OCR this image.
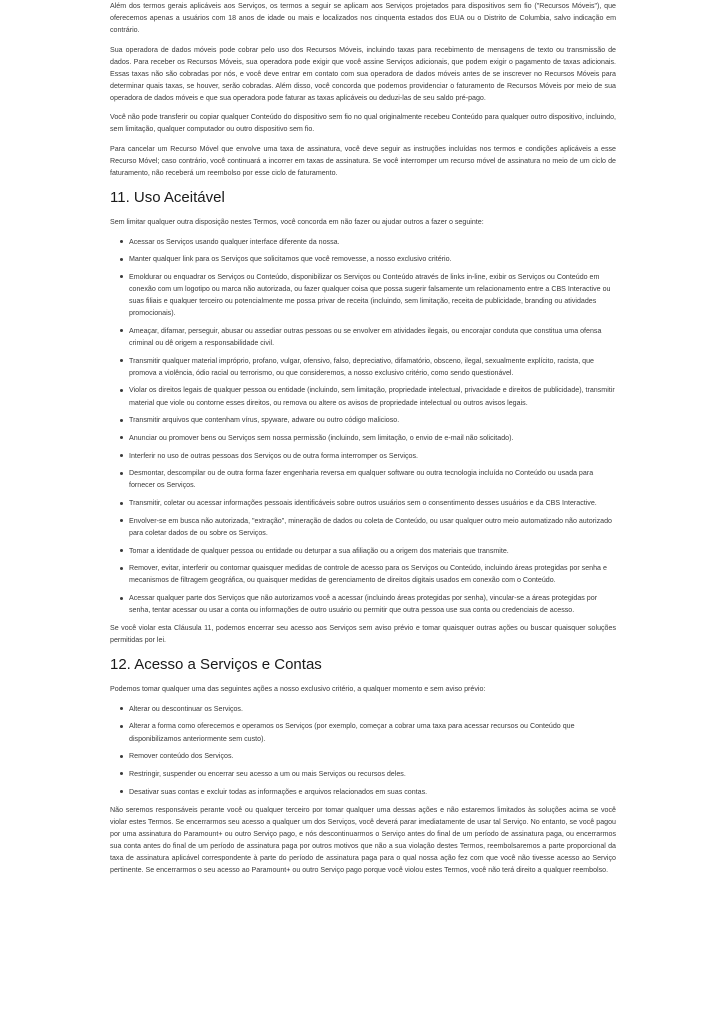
Além dos termos gerais aplicáveis aos Serviços, os termos a seguir se aplicam aos Serviços projetados para dispositivos sem fio ("Recursos Móveis"), que oferecemos apenas a usuários com 18 anos de idade ou mais e localizados nos cinquenta estados dos EUA ou o Distrito de Columbia, salvo indicação em contrário.

Sua operadora de dados móveis pode cobrar pelo uso dos Recursos Móveis, incluindo taxas para recebimento de mensagens de texto ou transmissão de dados. Para receber os Recursos Móveis, sua operadora pode exigir que você assine Serviços adicionais, que podem exigir o pagamento de taxas adicionais. Essas taxas não são cobradas por nós, e você deve entrar em contato com sua operadora de dados móveis antes de se inscrever no Recursos Móveis para determinar quais taxas, se houver, serão cobradas. Além disso, você concorda que podemos providenciar o faturamento de Recursos Móveis por meio de sua operadora de dados móveis e que sua operadora pode faturar as taxas aplicáveis ou deduzi-las de seu saldo pré-pago.

Você não pode transferir ou copiar qualquer Conteúdo do dispositivo sem fio no qual originalmente recebeu Conteúdo para qualquer outro dispositivo, incluindo, sem limitação, qualquer computador ou outro dispositivo sem fio.

Para cancelar um Recurso Móvel que envolve uma taxa de assinatura, você deve seguir as instruções incluídas nos termos e condições aplicáveis a esse Recurso Móvel; caso contrário, você continuará a incorrer em taxas de assinatura. Se você interromper um recurso móvel de assinatura no meio de um ciclo de faturamento, não receberá um reembolso por esse ciclo de faturamento.

11. Uso Aceitável

Sem limitar qualquer outra disposição nestes Termos, você concorda em não fazer ou ajudar outros a fazer o seguinte:

Acessar os Serviços usando qualquer interface diferente da nossa.
Manter qualquer link para os Serviços que solicitamos que você removesse, a nosso exclusivo critério.
Emoldurar ou enquadrar os Serviços ou Conteúdo, disponibilizar os Serviços ou Conteúdo através de links in-line, exibir os Serviços ou Conteúdo em conexão com um logotipo ou marca não autorizada, ou fazer qualquer coisa que possa sugerir falsamente um relacionamento entre a CBS Interactive ou suas filiais e qualquer terceiro ou potencialmente me possa privar de receita (incluindo, sem limitação, receita de publicidade, branding ou atividades promocionais).
Ameaçar, difamar, perseguir, abusar ou assediar outras pessoas ou se envolver em atividades ilegais, ou encorajar conduta que constitua uma ofensa criminal ou dê origem a responsabilidade civil.
Transmitir qualquer material impróprio, profano, vulgar, ofensivo, falso, depreciativo, difamatório, obsceno, ilegal, sexualmente explícito, racista, que promova a violência, ódio racial ou terrorismo, ou que consideremos, a nosso exclusivo critério, como sendo questionável.
Violar os direitos legais de qualquer pessoa ou entidade (incluindo, sem limitação, propriedade intelectual, privacidade e direitos de publicidade), transmitir material que viole ou contorne esses direitos, ou remova ou altere os avisos de propriedade intelectual ou outros avisos legais.
Transmitir arquivos que contenham vírus, spyware, adware ou outro código malicioso.
Anunciar ou promover bens ou Serviços sem nossa permissão (incluindo, sem limitação, o envio de e-mail não solicitado).
Interferir no uso de outras pessoas dos Serviços ou de outra forma interromper os Serviços.
Desmontar, descompilar ou de outra forma fazer engenharia reversa em qualquer software ou outra tecnologia incluída no Conteúdo ou usada para fornecer os Serviços.
Transmitir, coletar ou acessar informações pessoais identificáveis sobre outros usuários sem o consentimento desses usuários e da CBS Interactive.
Envolver-se em busca não autorizada, "extração", mineração de dados ou coleta de Conteúdo, ou usar qualquer outro meio automatizado não autorizado para coletar dados de ou sobre os Serviços.
Tomar a identidade de qualquer pessoa ou entidade ou deturpar a sua afiliação ou a origem dos materiais que transmite.
Remover, evitar, interferir ou contornar quaisquer medidas de controle de acesso para os Serviços ou Conteúdo, incluindo áreas protegidas por senha e mecanismos de filtragem geográfica, ou quaisquer medidas de gerenciamento de direitos digitais usados em conexão com o Conteúdo.
Acessar qualquer parte dos Serviços que não autorizamos você a acessar (incluindo áreas protegidas por senha), vincular-se a áreas protegidas por senha, tentar acessar ou usar a conta ou informações de outro usuário ou permitir que outra pessoa use sua conta ou credenciais de acesso.

Se você violar esta Cláusula 11, podemos encerrar seu acesso aos Serviços sem aviso prévio e tomar quaisquer outras ações ou buscar quaisquer soluções permitidas por lei.

12. Acesso a Serviços e Contas

Podemos tomar qualquer uma das seguintes ações a nosso exclusivo critério, a qualquer momento e sem aviso prévio:

Alterar ou descontinuar os Serviços.
Alterar a forma como oferecemos e operamos os Serviços (por exemplo, começar a cobrar uma taxa para acessar recursos ou Conteúdo que disponibilizamos anteriormente sem custo).
Remover conteúdo dos Serviços.
Restringir, suspender ou encerrar seu acesso a um ou mais Serviços ou recursos deles.
Desativar suas contas e excluir todas as informações e arquivos relacionados em suas contas.

Não seremos responsáveis perante você ou qualquer terceiro por tomar qualquer uma dessas ações e não estaremos limitados às soluções acima se você violar estes Termos. Se encerrarmos seu acesso a qualquer um dos Serviços, você deverá parar imediatamente de usar tal Serviço. No entanto, se você pagou por uma assinatura do Paramount+ ou outro Serviço pago, e nós descontinuarmos o Serviço antes do final de um período de assinatura paga, ou encerrarmos sua conta antes do final de um período de assinatura paga por outros motivos que não a sua violação destes Termos, reembolsaremos a parte proporcional da taxa de assinatura aplicável correspondente à parte do período de assinatura paga para o qual nossa ação fez com que você não tivesse acesso ao Serviço pertinente. Se encerrarmos o seu acesso ao Paramount+ ou outro Serviço pago porque você violou estes Termos, você não terá direito a qualquer reembolso.
